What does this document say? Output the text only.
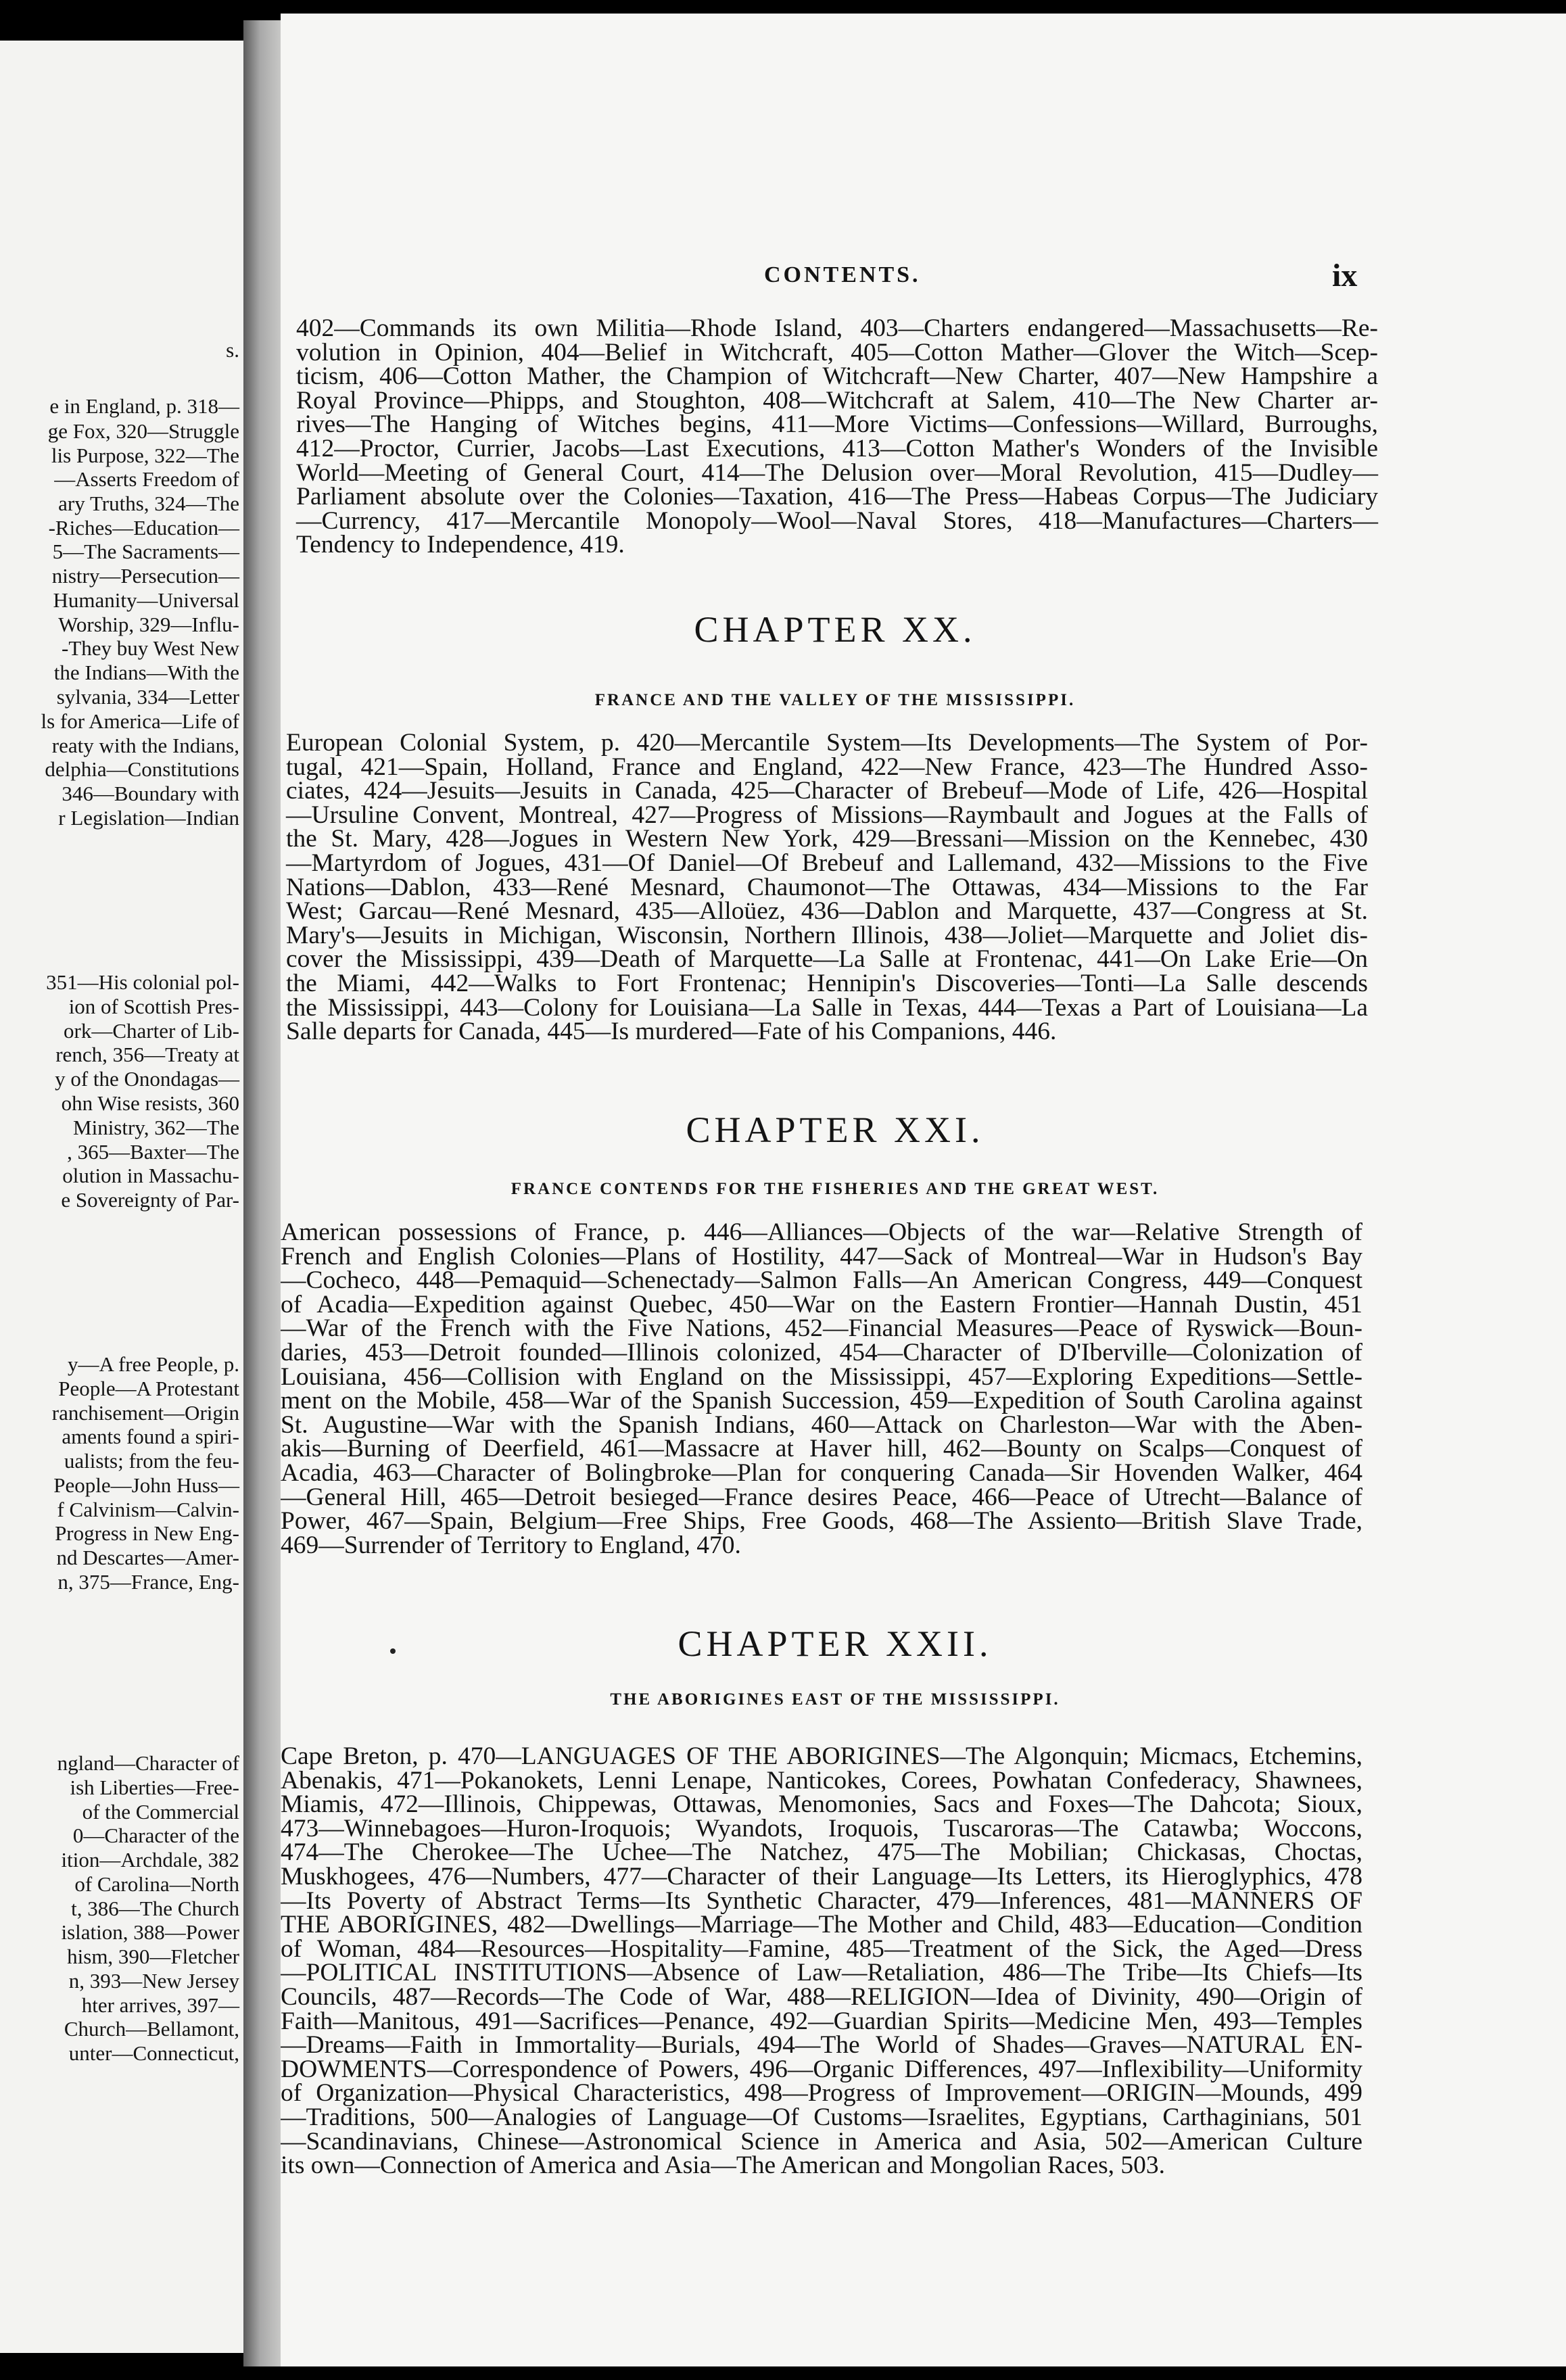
s.
e in England, p. 318—
ge Fox, 320—Struggle
lis Purpose, 322—The
—Asserts Freedom of
ary Truths, 324—The
-Riches—Education—
5—The Sacraments—
nistry—Persecution—
Humanity—Universal
Worship, 329—Influ-
-They buy West New
the Indians—With the
sylvania, 334—Letter
ls for America—Life of
reaty with the Indians,
delphia—Constitutions
346—Boundary with
r Legislation—Indian
351—His colonial pol-
ion of Scottish Pres-
ork—Charter of Lib-
rench, 356—Treaty at
y of the Onondagas—
ohn Wise resists, 360
Ministry, 362—The
, 365—Baxter—The
olution in Massachu-
e Sovereignty of Par-
y—A free People, p.
People—A Protestant
ranchisement—Origin
aments found a spiri-
ualists; from the feu-
People—John Huss—
f Calvinism—Calvin-
Progress in New Eng-
nd Descartes—Amer-
n, 375—France, Eng-
ngland—Character of
ish Liberties—Free-
of the Commercial
0—Character of the
ition—Archdale, 382
of Carolina—North
t, 386—The Church
islation, 388—Power
hism, 390—Fletcher
n, 393—New Jersey
hter arrives, 397—
Church—Bellamont,
unter—Connecticut,
CONTENTS.	ix
402—Commands its own Militia—Rhode Island, 403—Charters endangered—Massachusetts—Re-
volution in Opinion, 404—Belief in Witchcraft, 405—Cotton Mather—Glover the Witch—Scep-
ticism, 406—Cotton Mather, the Champion of Witchcraft—New Charter, 407—New Hampshire a
Royal Province—Phipps, and Stoughton, 408—Witchcraft at Salem, 410—The New Charter ar-
rives—The Hanging of Witches begins, 411—More Victims—Confessions—Willard, Burroughs,
412—Proctor, Currier, Jacobs—Last Executions, 413—Cotton Mather's Wonders of the Invisible
World—Meeting of General Court, 414—The Delusion over—Moral Revolution, 415—Dudley—
Parliament absolute over the Colonies—Taxation, 416—The Press—Habeas Corpus—The Judiciary
—Currency, 417—Mercantile Monopoly—Wool—Naval Stores, 418—Manufactures—Charters—
Tendency to Independence, 419.
CHAPTER XX.
FRANCE AND THE VALLEY OF THE MISSISSIPPI.
European Colonial System, p. 420—Mercantile System—Its Developments—The System of Por-
tugal, 421—Spain, Holland, France and England, 422—New France, 423—The Hundred Asso-
ciates, 424—Jesuits—Jesuits in Canada, 425—Character of Brebeuf—Mode of Life, 426—Hospital
—Ursuline Convent, Montreal, 427—Progress of Missions—Raymbault and Jogues at the Falls of
the St. Mary, 428—Jogues in Western New York, 429—Bressani—Mission on the Kennebec, 430
—Martyrdom of Jogues, 431—Of Daniel—Of Brebeuf and Lallemand, 432—Missions to the Five
Nations—Dablon, 433—René Mesnard, Chaumonot—The Ottawas, 434—Missions to the Far
West; Garcau—René Mesnard, 435—Alloüez, 436—Dablon and Marquette, 437—Congress at St.
Mary's—Jesuits in Michigan, Wisconsin, Northern Illinois, 438—Joliet—Marquette and Joliet dis-
cover the Mississippi, 439—Death of Marquette—La Salle at Frontenac, 441—On Lake Erie—On
the Miami, 442—Walks to Fort Frontenac; Hennipin's Discoveries—Tonti—La Salle descends
the Mississippi, 443—Colony for Louisiana—La Salle in Texas, 444—Texas a Part of Louisiana—La
Salle departs for Canada, 445—Is murdered—Fate of his Companions, 446.
CHAPTER XXI.
FRANCE CONTENDS FOR THE FISHERIES AND THE GREAT WEST.
American possessions of France, p. 446—Alliances—Objects of the war—Relative Strength of
French and English Colonies—Plans of Hostility, 447—Sack of Montreal—War in Hudson's Bay
—Cocheco, 448—Pemaquid—Schenectady—Salmon Falls—An American Congress, 449—Conquest
of Acadia—Expedition against Quebec, 450—War on the Eastern Frontier—Hannah Dustin, 451
—War of the French with the Five Nations, 452—Financial Measures—Peace of Ryswick—Boun-
daries, 453—Detroit founded—Illinois colonized, 454—Character of D'Iberville—Colonization of
Louisiana, 456—Collision with England on the Mississippi, 457—Exploring Expeditions—Settle-
ment on the Mobile, 458—War of the Spanish Succession, 459—Expedition of South Carolina against
St. Augustine—War with the Spanish Indians, 460—Attack on Charleston—War with the Aben-
akis—Burning of Deerfield, 461—Massacre at Haver hill, 462—Bounty on Scalps—Conquest of
Acadia, 463—Character of Bolingbroke—Plan for conquering Canada—Sir Hovenden Walker, 464
—General Hill, 465—Detroit besieged—France desires Peace, 466—Peace of Utrecht—Balance of
Power, 467—Spain, Belgium—Free Ships, Free Goods, 468—The Assiento—British Slave Trade,
469—Surrender of Territory to England, 470.
CHAPTER XXII.
THE ABORIGINES EAST OF THE MISSISSIPPI.
Cape Breton, p. 470—LANGUAGES OF THE ABORIGINES—The Algonquin; Micmacs, Etchemins,
Abenakis, 471—Pokanokets, Lenni Lenape, Nanticokes, Corees, Powhatan Confederacy, Shawnees,
Miamis, 472—Illinois, Chippewas, Ottawas, Menomonies, Sacs and Foxes—The Dahcota; Sioux,
473—Winnebagoes—Huron-Iroquois; Wyandots, Iroquois, Tuscaroras—The Catawba; Woccons,
474—The Cherokee—The Uchee—The Natchez, 475—The Mobilian; Chickasas, Choctas,
Muskhogees, 476—Numbers, 477—Character of their Language—Its Letters, its Hieroglyphics, 478
—Its Poverty of Abstract Terms—Its Synthetic Character, 479—Inferences, 481—MANNERS OF
THE ABORIGINES, 482—Dwellings—Marriage—The Mother and Child, 483—Education—Condition
of Woman, 484—Resources—Hospitality—Famine, 485—Treatment of the Sick, the Aged—Dress
—POLITICAL INSTITUTIONS—Absence of Law—Retaliation, 486—The Tribe—Its Chiefs—Its
Councils, 487—Records—The Code of War, 488—RELIGION—Idea of Divinity, 490—Origin of
Faith—Manitous, 491—Sacrifices—Penance, 492—Guardian Spirits—Medicine Men, 493—Temples
—Dreams—Faith in Immortality—Burials, 494—The World of Shades—Graves—NATURAL EN-
DOWMENTS—Correspondence of Powers, 496—Organic Differences, 497—Inflexibility—Uniformity
of Organization—Physical Characteristics, 498—Progress of Improvement—ORIGIN—Mounds, 499
—Traditions, 500—Analogies of Language—Of Customs—Israelites, Egyptians, Carthaginians, 501
—Scandinavians, Chinese—Astronomical Science in America and Asia, 502—American Culture
its own—Connection of America and Asia—The American and Mongolian Races, 503.
